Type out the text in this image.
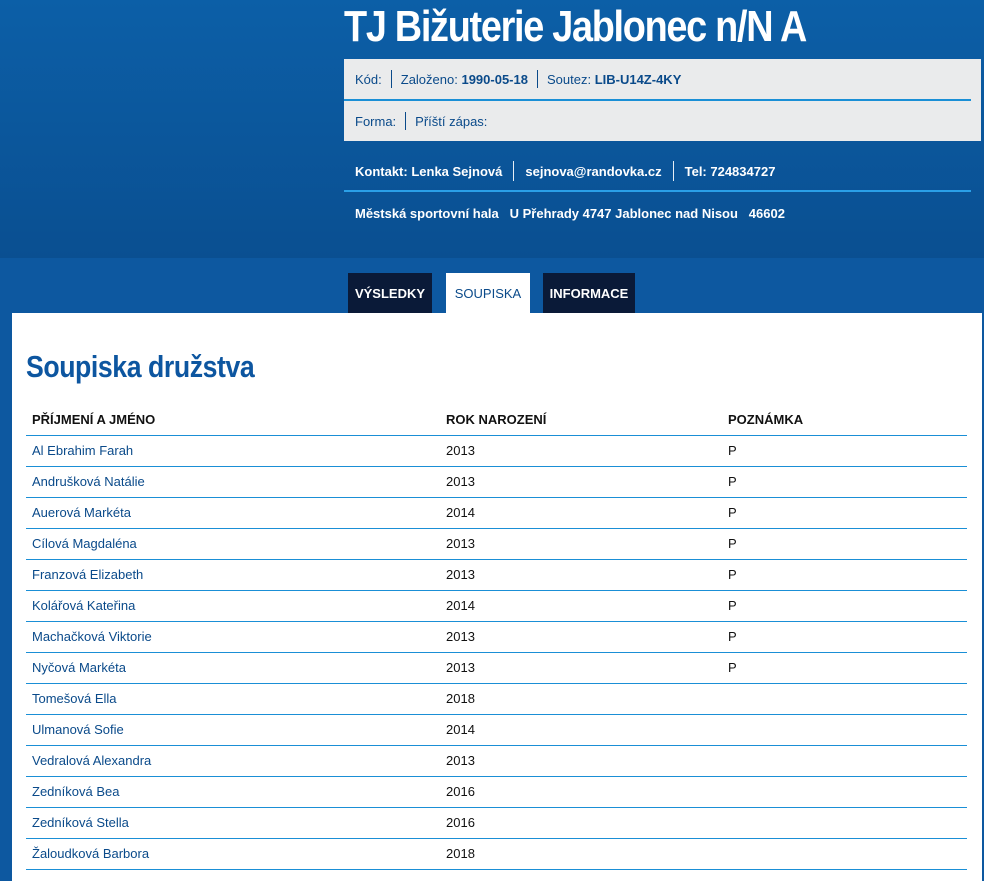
TJ Bižuterie Jablonec n/N A
Kód: Založeno:
1990-05-18 Soutez:
LIB-U14Z-4KY
Forma: Příští zápas:
Kontakt: Lenka Sejnová sejnova@randovka.cz Tel: 724834727
Městská sportovní hala
U Přehrady 4747 Jablonec nad Nisou
46602
VÝSLEDKY	SOUPISKA	INFORMACE
Soupiska družstva
PŘÍJMENÍ A JMÉNO	ROK NAROZENÍ	POZNÁMKA
Al Ebrahim Farah	2013	P
Andrušková Natálie	2013	P
Auerová Markéta	2014	P
Cílová Magdaléna	2013	P
Franzová Elizabeth	2013	P
Kolářová Kateřina	2014	P
Machačková Viktorie	2013	P
Nyčová Markéta	2013	P
Tomešová Ella	2018
Ulmanová Sofie	2014
Vedralová Alexandra	2013
Zedníková Bea	2016
Zedníková Stella	2016
Žaloudková Barbora	2018
